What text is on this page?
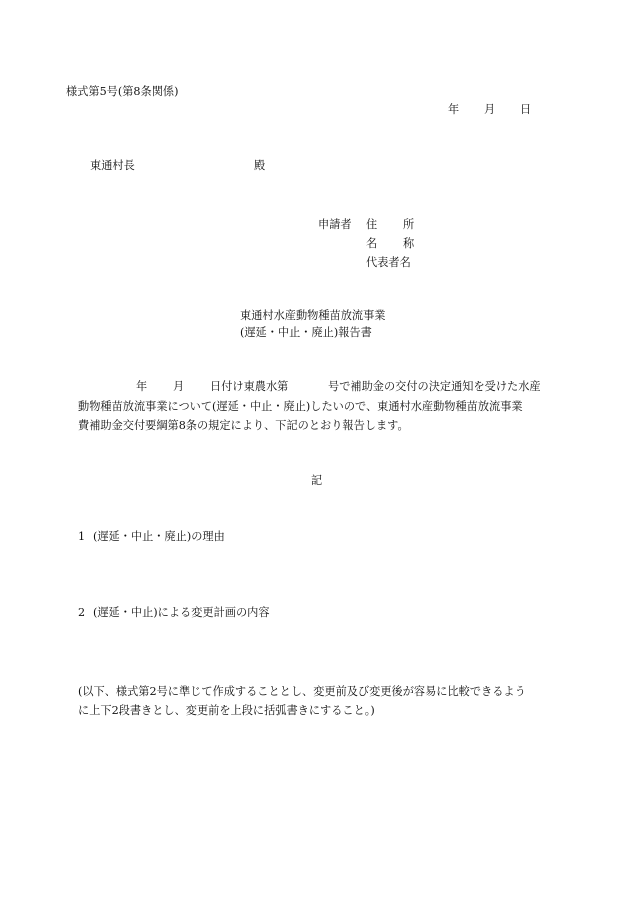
様式第5号(第8条関係)
年 月 日
東通村長	殿
申請者 住 所
名 称
代表者名
東通村水産動物種苗放流事業
(遅延・中止・廃止)報告書
年 月 日付け東農水第	号で補助金の交付の決定通知を受けた水産
動物種苗放流事業について(遅延・中止・廃止)したいので、東通村水産動物種苗放流事業
費補助金交付要綱第8条の規定により、下記のとおり報告します。
記
1 (遅延・中止・廃止)の理由
2 (遅延・中止)による変更計画の内容
(以下、様式第2号に準じて作成することとし、変更前及び変更後が容易に比較できるよう
に上下2段書きとし、変更前を上段に括弧書きにすること。)
